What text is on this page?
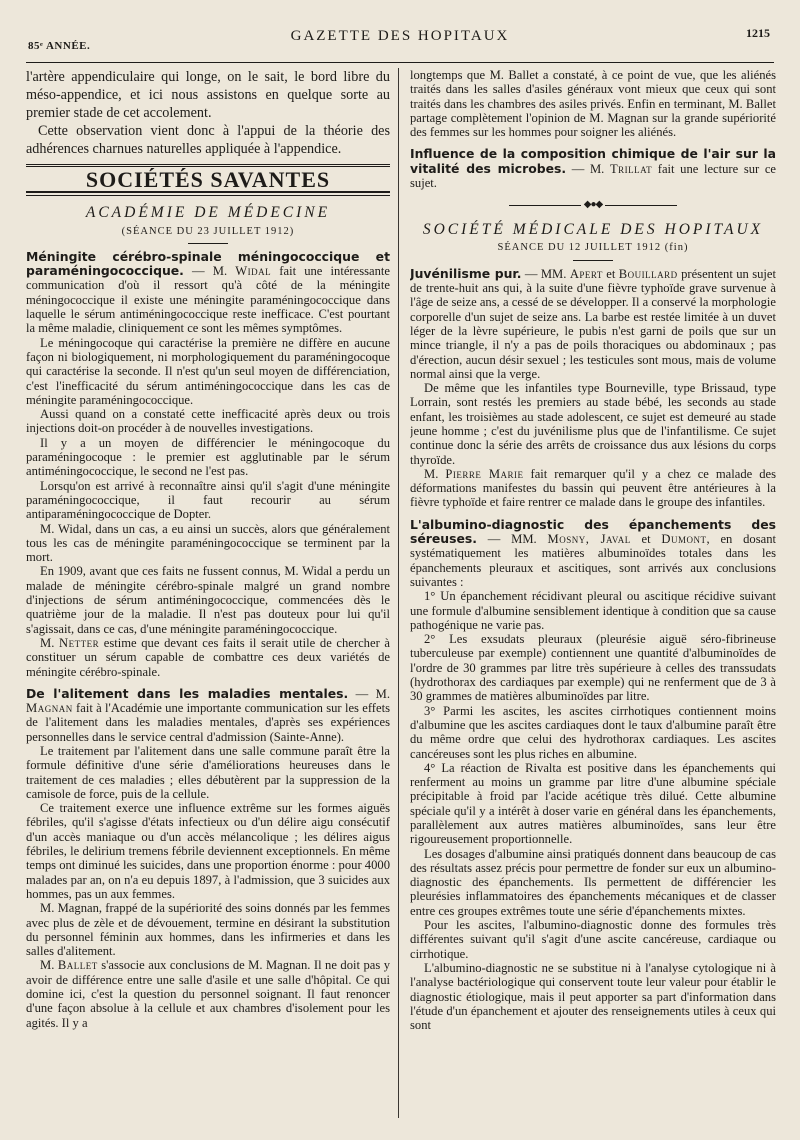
85ᵉ ANNÉE.
GAZETTE DES HOPITAUX	1215

l'artère appendiculaire qui longe, on le sait, le bord libre du méso-appendice, et ici nous assistons en quelque sorte au premier stade de cet accolement.

Cette observation vient donc à l'appui de la théorie des adhérences charnues naturelles appliquée à l'appendice.

SOCIÉTÉS SAVANTES
ACADÉMIE DE MÉDECINE
(SÉANCE DU 23 JUILLET 1912)

Méningite cérébro-spinale méningococcique et paraméningococcique. — M. Widal fait une intéressante communication d'où il ressort qu'à côté de la méningite méningococcique il existe une méningite paraméningococcique dans laquelle le sérum antiméningococcique reste inefficace. C'est pourtant la même maladie, cliniquement ce sont les mêmes symptômes.

Le méningocoque qui caractérise la première ne diffère en aucune façon ni biologiquement, ni morphologiquement du paraméningocoque qui caractérise la seconde. Il n'est qu'un seul moyen de différenciation, c'est l'inefficacité du sérum antiméningococcique dans les cas de méningite paraméningococcique.

Aussi quand on a constaté cette inefficacité après deux ou trois injections doit-on procéder à de nouvelles investigations.

Il y a un moyen de différencier le méningocoque du paraméningocoque : le premier est agglutinable par le sérum antiméningococcique, le second ne l'est pas.

Lorsqu'on est arrivé à reconnaître ainsi qu'il s'agit d'une méningite paraméningococcique, il faut recourir au sérum antiparaméningococcique de Dopter.

M. Widal, dans un cas, a eu ainsi un succès, alors que généralement tous les cas de méningite paraméningococcique se terminent par la mort.

En 1909, avant que ces faits ne fussent connus, M. Widal a perdu un malade de méningite cérébro-spinale malgré un grand nombre d'injections de sérum antiméningococcique, commencées dès le quatrième jour de la maladie. Il n'est pas douteux pour lui qu'il s'agissait, dans ce cas, d'une méningite paraméningococcique.

M. Netter estime que devant ces faits il serait utile de chercher à constituer un sérum capable de combattre ces deux variétés de méningite cérébro-spinale.

De l'alitement dans les maladies mentales. — M. Magnan fait à l'Académie une importante communication sur les effets de l'alitement dans les maladies mentales, d'après ses expériences personnelles dans le service central d'admission (Sainte-Anne).

Le traitement par l'alitement dans une salle commune paraît être la formule définitive d'une série d'améliorations heureuses dans le traitement de ces maladies ; elles débutèrent par la suppression de la camisole de force, puis de la cellule.

Ce traitement exerce une influence extrême sur les formes aiguës fébriles, qu'il s'agisse d'états infectieux ou d'un délire aigu consécutif d'un accès maniaque ou d'un accès mélancolique ; les délires aigus fébriles, le delirium tremens fébrile deviennent exceptionnels. En même temps ont diminué les suicides, dans une proportion énorme : pour 4000 malades par an, on n'a eu depuis 1897, à l'admission, que 3 suicides aux hommes, pas un aux femmes.

M. Magnan, frappé de la supériorité des soins donnés par les femmes avec plus de zèle et de dévouement, termine en désirant la substitution du personnel féminin aux hommes, dans les infirmeries et dans les salles d'alitement.

M. Ballet s'associe aux conclusions de M. Magnan. Il ne doit pas y avoir de différence entre une salle d'asile et une salle d'hôpital. Ce qui domine ici, c'est la question du personnel soignant. Il faut renoncer d'une façon absolue à la cellule et aux chambres d'isolement pour les agités. Il y a

longtemps que M. Ballet a constaté, à ce point de vue, que les aliénés traités dans les salles d'asiles généraux vont mieux que ceux qui sont traités dans les chambres des asiles privés. Enfin en terminant, M. Ballet partage complètement l'opinion de M. Magnan sur la grande supériorité des femmes sur les hommes pour soigner les aliénés.

Influence de la composition chimique de l'air sur la vitalité des microbes. — M. Trillat fait une lecture sur ce sujet.

◆●◆
SOCIÉTÉ MÉDICALE DES HOPITAUX
SÉANCE DU 12 JUILLET 1912 (fin)

Juvénilisme pur. — MM. Apert et Bouillard présentent un sujet de trente-huit ans qui, à la suite d'une fièvre typhoïde grave survenue à l'âge de seize ans, a cessé de se développer. Il a conservé la morphologie corporelle d'un sujet de seize ans. La barbe est restée limitée à un duvet léger de la lèvre supérieure, le pubis n'est garni de poils que sur un mince triangle, il n'y a pas de poils thoraciques ou abdominaux ; pas d'érection, aucun désir sexuel ; les testicules sont mous, mais de volume normal ainsi que la verge.

De même que les infantiles type Bourneville, type Brissaud, type Lorrain, sont restés les premiers au stade bébé, les seconds au stade enfant, les troisièmes au stade adolescent, ce sujet est demeuré au stade jeune homme ; c'est du juvénilisme plus que de l'infantilisme. Ce sujet continue donc la série des arrêts de croissance dus aux lésions du corps thyroïde.

M. Pierre Marie fait remarquer qu'il y a chez ce malade des déformations manifestes du bassin qui peuvent être antérieures à la fièvre typhoïde et faire rentrer ce malade dans le groupe des infantiles.

L'albumino-diagnostic des épanchements des séreuses. — MM. Mosny, Javal et Dumont, en dosant systématiquement les matières albuminoïdes totales dans les épanchements pleuraux et ascitiques, sont arrivés aux conclusions suivantes :

1° Un épanchement récidivant pleural ou ascitique récidive suivant une formule d'albumine sensiblement identique à condition que sa cause pathogénique ne varie pas.

2° Les exsudats pleuraux (pleurésie aiguë séro-fibrineuse tuberculeuse par exemple) contiennent une quantité d'albuminoïdes de l'ordre de 30 grammes par litre très supérieure à celles des transsudats (hydrothorax des cardiaques par exemple) qui ne renferment que de 3 à 30 grammes de matières albuminoïdes par litre.

3° Parmi les ascites, les ascites cirrhotiques contiennent moins d'albumine que les ascites cardiaques dont le taux d'albumine paraît être du même ordre que celui des hydrothorax cardiaques. Les ascites cancéreuses sont les plus riches en albumine.

4° La réaction de Rivalta est positive dans les épanchements qui renferment au moins un gramme par litre d'une albumine spéciale précipitable à froid par l'acide acétique très dilué. Cette albumine spéciale qu'il y a intérêt à doser varie en général dans les épanchements, parallèlement aux autres matières albuminoïdes, sans leur être rigoureusement proportionnelle.

Les dosages d'albumine ainsi pratiqués donnent dans beaucoup de cas des résultats assez précis pour permettre de fonder sur eux un albumino-diagnostic des épanchements. Ils permettent de différencier les pleurésies inflammatoires des épanchements mécaniques et de classer entre ces groupes extrêmes toute une série d'épanchements mixtes.

Pour les ascites, l'albumino-diagnostic donne des formules très différentes suivant qu'il s'agit d'une ascite cancéreuse, cardiaque ou cirrhotique.

L'albumino-diagnostic ne se substitue ni à l'analyse cytologique ni à l'analyse bactériologique qui conservent toute leur valeur pour établir le diagnostic étiologique, mais il peut apporter sa part d'information dans l'étude d'un épanchement et ajouter des renseignements utiles à ceux qui sont
